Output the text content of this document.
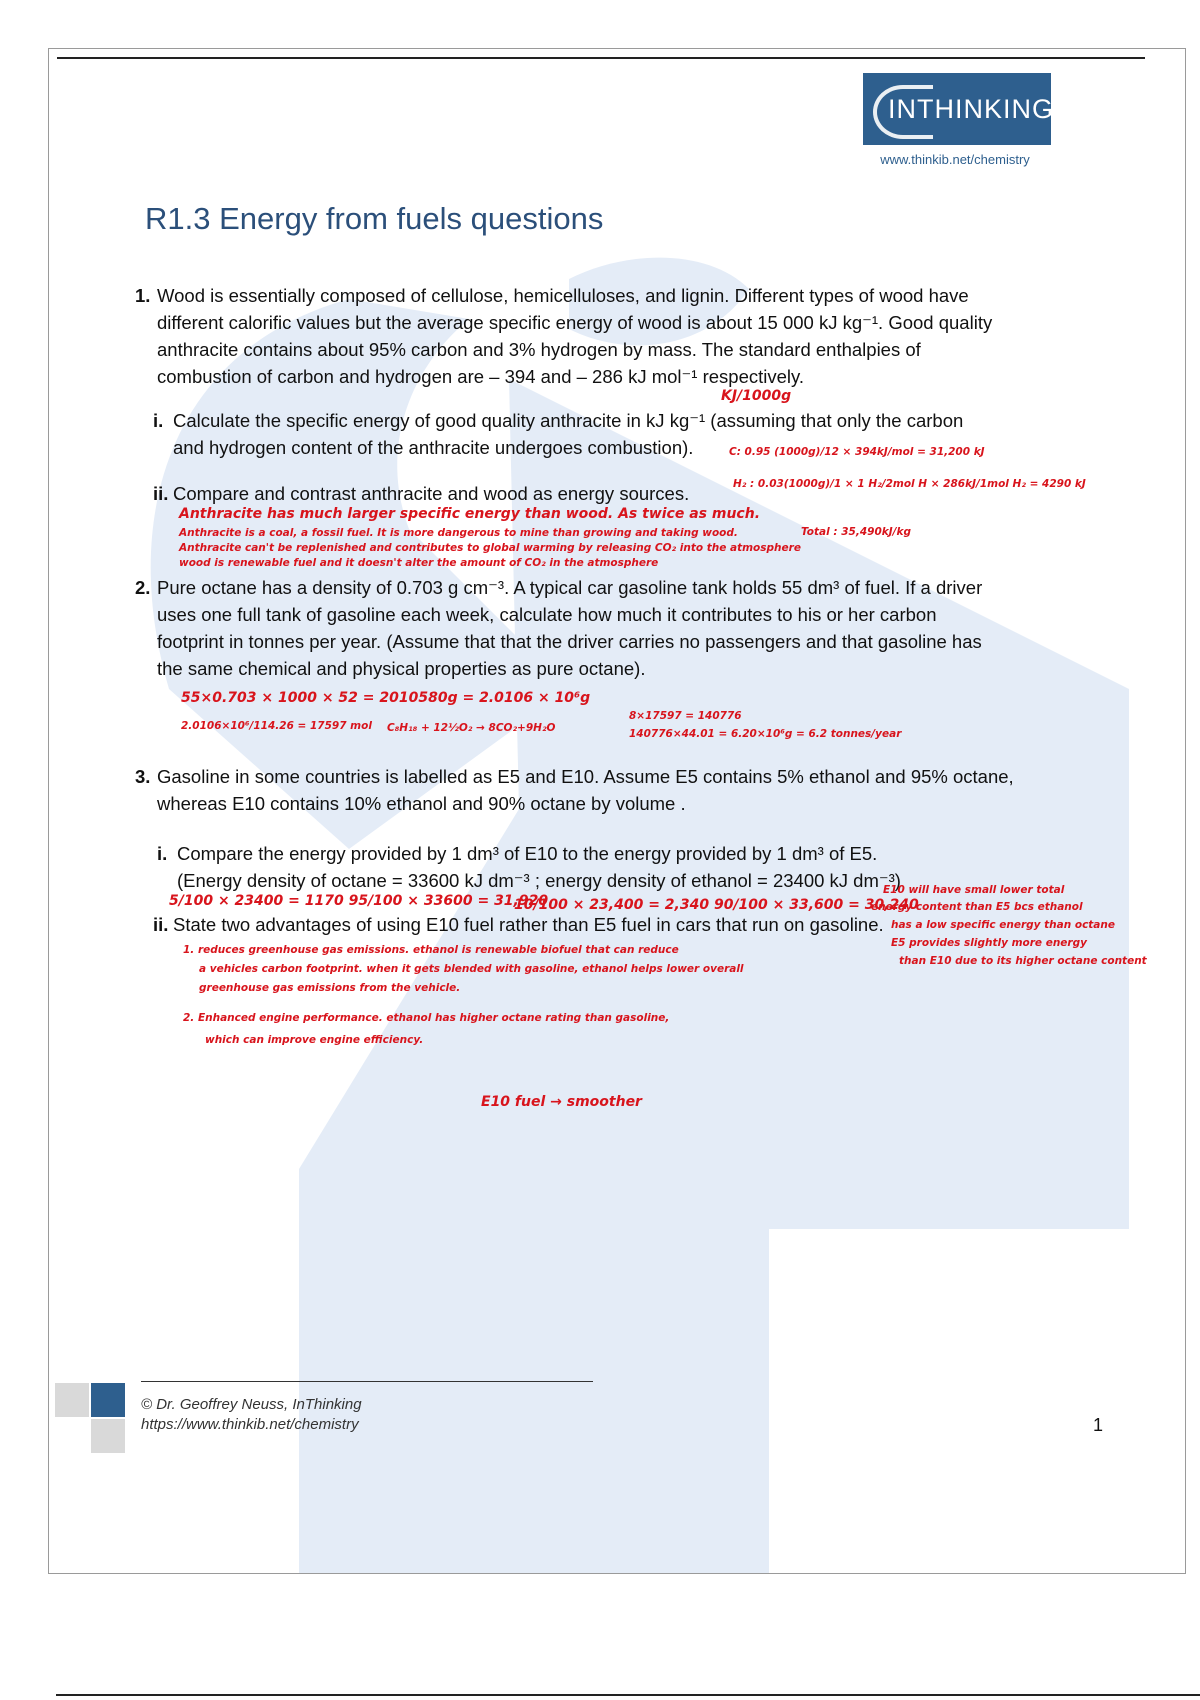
INTHINKING
www.thinkib.net/chemistry
R1.3 Energy from fuels questions
1. Wood is essentially composed of cellulose, hemicelluloses, and lignin. Different types of wood have
different calorific values but the average specific energy of wood is about 15 000 kJ kg⁻¹. Good quality
anthracite contains about 95% carbon and 3% hydrogen by mass. The standard enthalpies of
combustion of carbon and hydrogen are – 394 and – 286 kJ mol⁻¹ respectively.
KJ/1000g
i. Calculate the specific energy of good quality anthracite in kJ kg⁻¹ (assuming that only the carbon
and hydrogen content of the anthracite undergoes combustion).	C: 0.95 (1000g)/12 × 394kJ/mol = 31,200 kJ
H₂ : 0.03(1000g)/1 × 1 H₂/2mol H × 286kJ/1mol H₂ = 4290 kJ
ii. Compare and contrast anthracite and wood as energy sources.
Total : 35,490kJ/kg
Anthracite has much larger specific energy than wood. As twice as much.
Anthracite is a coal, a fossil fuel. It is more dangerous to mine than growing and taking wood.
Anthracite can't be replenished and contributes to global warming by releasing CO₂ into the atmosphere
wood is renewable fuel and it doesn't alter the amount of CO₂ in the atmosphere
2. Pure octane has a density of 0.703 g cm⁻³. A typical car gasoline tank holds 55 dm³ of fuel. If a driver
uses one full tank of gasoline each week, calculate how much it contributes to his or her carbon
footprint in tonnes per year. (Assume that that the driver carries no passengers and that gasoline has
the same chemical and physical properties as pure octane).
55×0.703 × 1000 × 52 = 2010580g = 2.0106 × 10⁶g
2.0106×10⁶/114.26 = 17597 mol C₈H₁₈ + 12½O₂ → 8CO₂+9H₂O
8×17597 = 140776
140776×44.01 = 6.20×10⁶g = 6.2 tonnes/year
3. Gasoline in some countries is labelled as E5 and E10. Assume E5 contains 5% ethanol and 95% octane,
whereas E10 contains 10% ethanol and 90% octane by volume .
i. Compare the energy provided by 1 dm³ of E10 to the energy provided by 1 dm³ of E5.
(Energy density of octane = 33600 kJ dm⁻³ ; energy density of ethanol = 23400 kJ dm⁻³)
5/100 × 23400 = 1170 95/100 × 33600 = 31,920
10/100 × 23,400 = 2,340 90/100 × 33,600 = 30,240
ii. State two advantages of using E10 fuel rather than E5 fuel in cars that run on gasoline.
E10 will have small lower total
energy content than E5 bcs ethanol
has a low specific energy than octane
E5 provides slightly more energy
than E10 due to its higher octane content
1. reduces greenhouse gas emissions. ethanol is renewable biofuel that can reduce
a vehicles carbon footprint. when it gets blended with gasoline, ethanol helps lower overall
greenhouse gas emissions from the vehicle.
2. Enhanced engine performance. ethanol has higher octane rating than gasoline,
which can improve engine efficiency.
E10 fuel → smoother
© Dr. Geoffrey Neuss, InThinking
https://www.thinkib.net/chemistry	1
